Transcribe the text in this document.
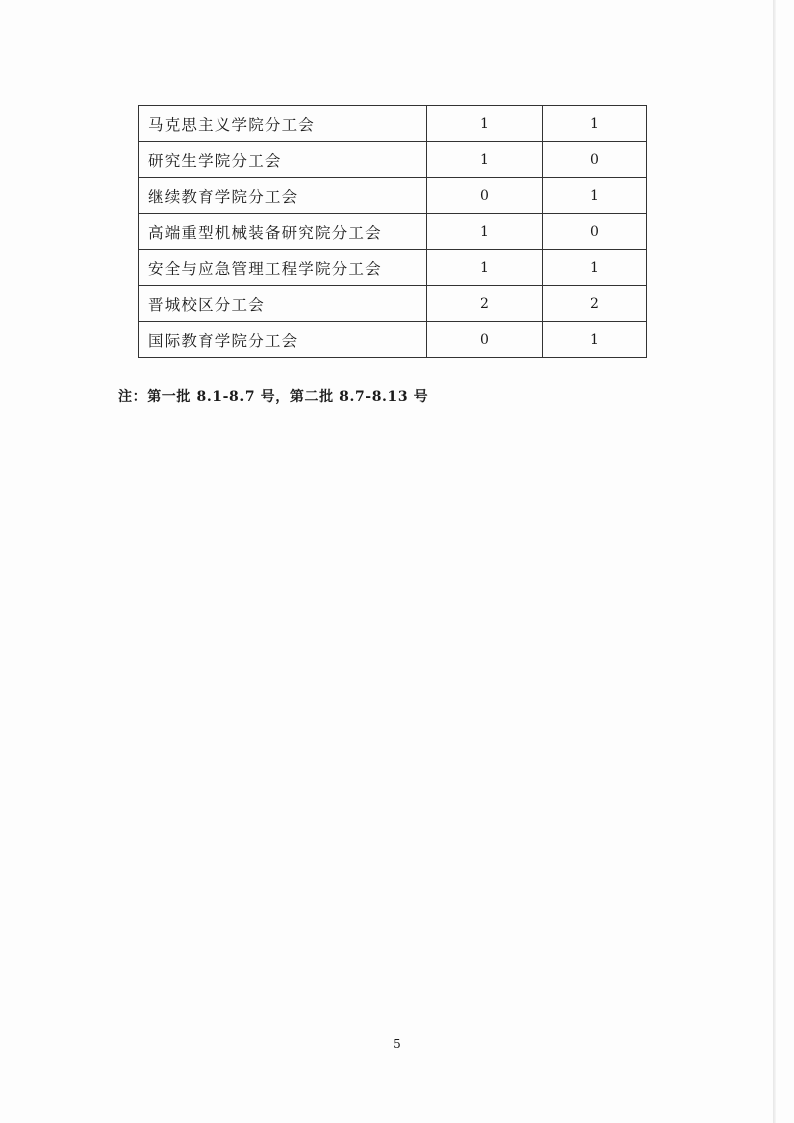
马克思主义学院分工会	1	1
研究生学院分工会	1	0
继续教育学院分工会	0	1
高端重型机械装备研究院分工会	1	0
安全与应急管理工程学院分工会	1	1
晋城校区分工会	2	2
国际教育学院分工会	0	1
注：第一批 8.1-8.7 号，第二批 8.7-8.13 号
5
